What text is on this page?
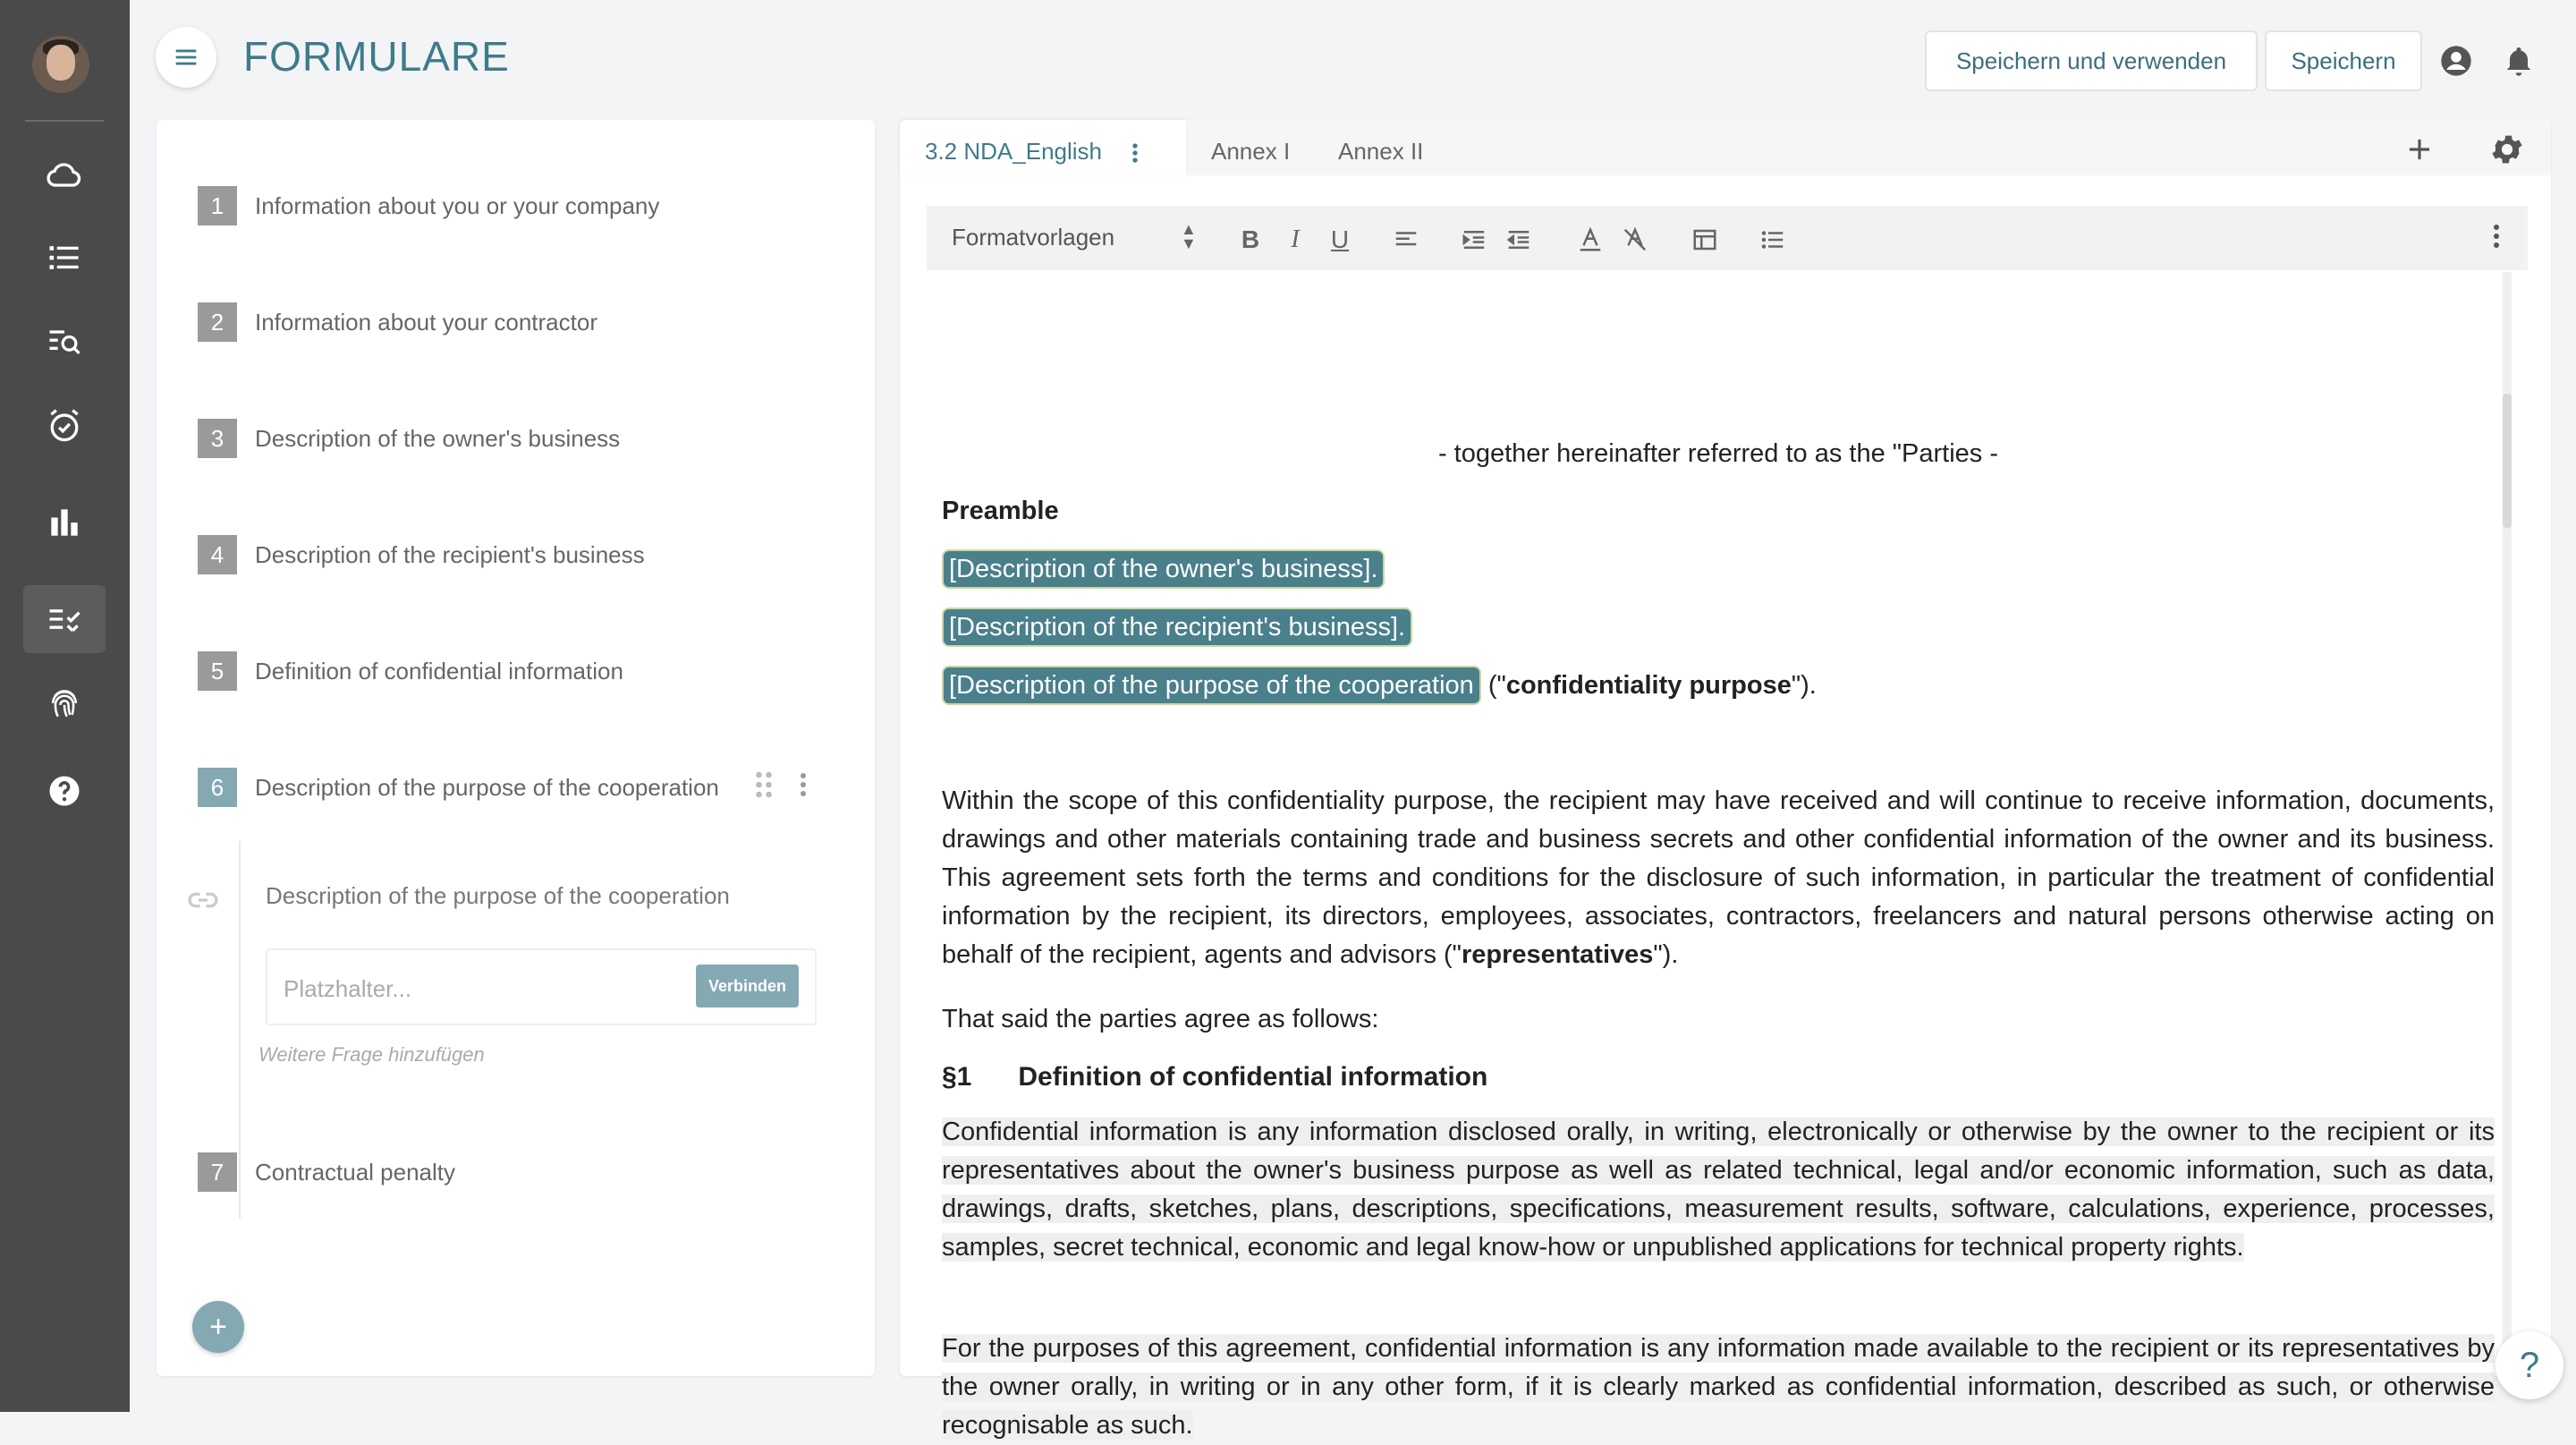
FORMULARE	Speichern und verwenden	Speichern
1	Information about you or your company
2	Information about your contractor
3	Description of the owner's business
4	Description of the recipient's business
5	Definition of confidential information
6	Description of the purpose of the cooperation
Description of the purpose of the cooperation
Platzhalter...	Verbinden
Weitere Frage hinzufügen
7	Contractual penalty
+
3.2 NDA_English	Annex I Annex II
Formatvorlagen	▲
▼	B	I	U

- together hereinafter referred to as the "Parties -

Preamble

[Description of the owner's business].

[Description of the recipient's business].

[Description of the purpose of the cooperation ("confidentiality purpose").

Within the scope of this confidentiality purpose, the recipient may have received and will continue to receive information, documents, drawings and other materials containing trade and business secrets and other confidential information of the owner and its business. This agreement sets forth the terms and conditions for the disclosure of such information, in particular the treatment of confidential information by the recipient, its directors, employees, associates, contractors, freelancers and natural persons otherwise acting on behalf of the recipient, agents and advisors ("representatives").

That said the parties agree as follows:

§1 Definition of confidential information

Confidential information is any information disclosed orally, in writing, electronically or otherwise by the owner to the recipient or its representatives about the owner's business purpose as well as related technical, legal and/or economic information, such as data, drawings, drafts, sketches, plans, descriptions, specifications, measurement results, software, calculations, experience, processes, samples, secret technical, economic and legal know-how or unpublished applications for technical property rights.

For the purposes of this agreement, confidential information is any information made available to the recipient or its representatives by the owner orally, in writing or in any other form, if it is clearly marked as confidential information, described as such, or otherwise recognisable as such.

?
